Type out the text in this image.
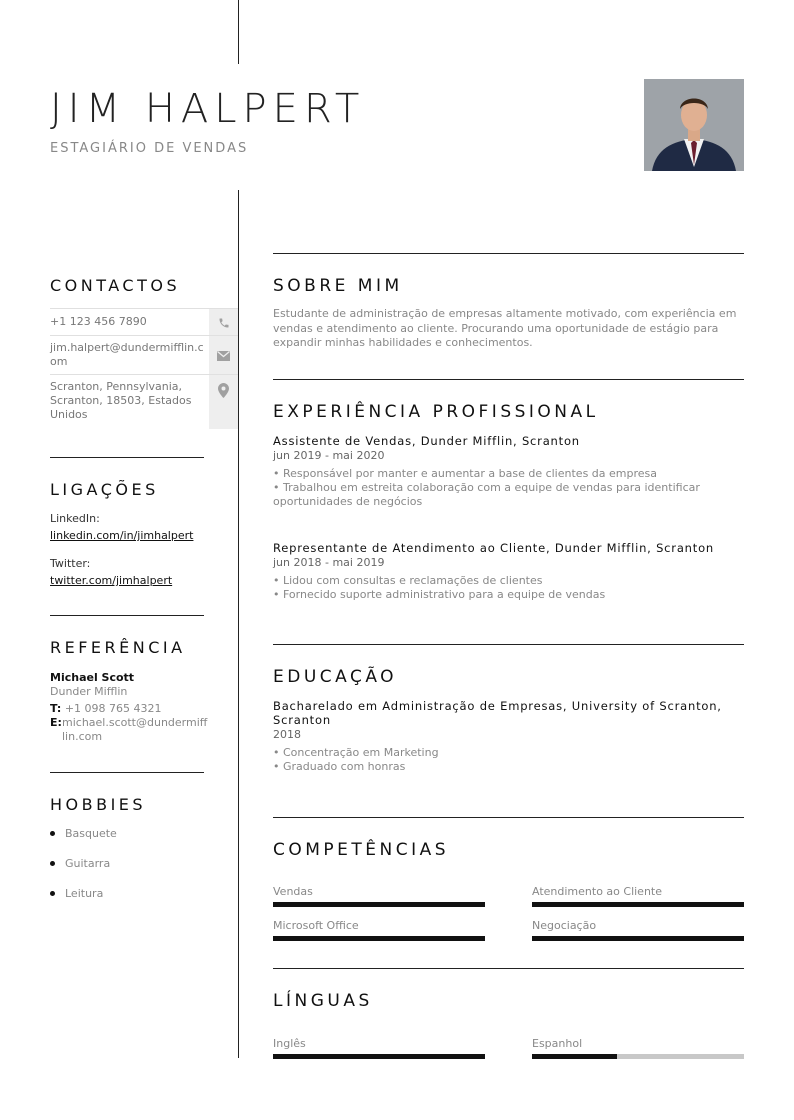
JIM HALPERT
ESTAGIÁRIO DE VENDAS
CONTACTOS
+1 123 456 7890
jim.halpert@dundermifflin.com
Scranton, Pennsylvania, Scranton, 18503, Estados Unidos
LIGAÇÕES
LinkedIn:
linkedin.com/in/jimhalpert
Twitter:
twitter.com/jimhalpert
REFERÊNCIA
Michael Scott
Dunder Mifflin
T: +1 098 765 4321
E: michael.scott@dundermifflin.com
HOBBIES
Basquete
Guitarra
Leitura
SOBRE MIM
Estudante de administração de empresas altamente motivado, com experiência em vendas e atendimento ao cliente. Procurando uma oportunidade de estágio para expandir minhas habilidades e conhecimentos.
EXPERIÊNCIA PROFISSIONAL
Assistente de Vendas, Dunder Mifflin, Scranton
jun 2019 - mai 2020
• Responsável por manter e aumentar a base de clientes da empresa
• Trabalhou em estreita colaboração com a equipe de vendas para identificar oportunidades de negócios
Representante de Atendimento ao Cliente, Dunder Mifflin, Scranton
jun 2018 - mai 2019
• Lidou com consultas e reclamações de clientes
• Fornecido suporte administrativo para a equipe de vendas
EDUCAÇÃO
Bacharelado em Administração de Empresas, University of Scranton, Scranton
2018
• Concentração em Marketing
• Graduado com honras
COMPETÊNCIAS
Vendas	Atendimento ao Cliente
Microsoft Office	Negociação
LÍNGUAS
Inglês	Espanhol
